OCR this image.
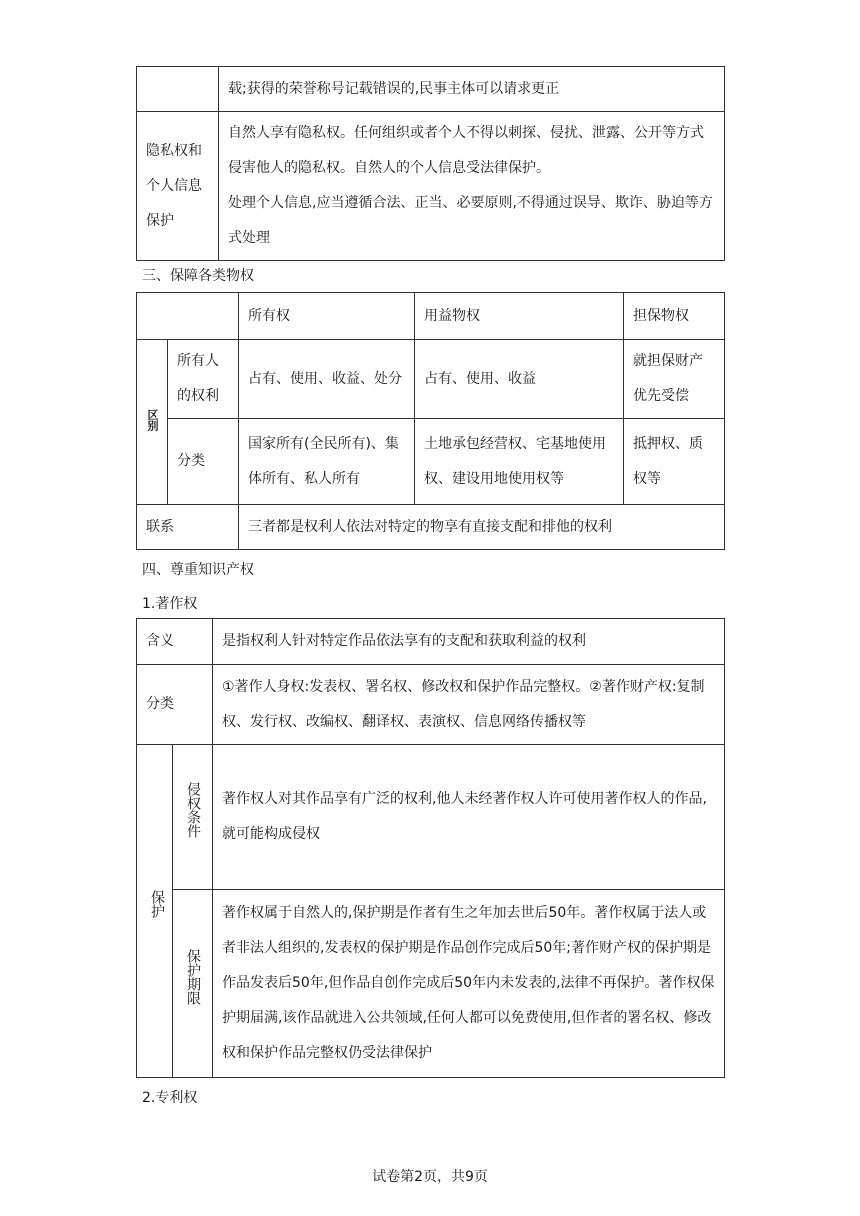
	载;获得的荣誉称号记载错误的,民事主体可以请求更正
隐私权和个人信息保护	自然人享有隐私权。任何组织或者个人不得以刺探、侵扰、泄露、公开等方式侵害他人的隐私权。自然人的个人信息受法律保护。
处理个人信息,应当遵循合法、正当、必要原则,不得通过误导、欺诈、胁迫等方式处理
三、保障各类物权
		所有权	用益物权	担保物权
区别	所有人的权利	占有、使用、收益、处分	占有、使用、收益	就担保财产优先受偿
	分类	国家所有(全民所有)、集体所有、私人所有	土地承包经营权、宅基地使用权、建设用地使用权等	抵押权、质权等
联系		三者都是权利人依法对特定的物享有直接支配和排他的权利		
四、尊重知识产权
1.著作权
含义		是指权利人针对特定作品依法享有的支配和获取利益的权利
分类		①著作人身权:发表权、署名权、修改权和保护作品完整权。②著作财产权:复制权、发行权、改编权、翻译权、表演权、信息网络传播权等
保护	侵权条件	著作权人对其作品享有广泛的权利,他人未经著作权人许可使用著作权人的作品,就可能构成侵权
	保护期限	著作权属于自然人的,保护期是作者有生之年加去世后50年。著作权属于法人或者非法人组织的,发表权的保护期是作品创作完成后50年;著作财产权的保护期是作品发表后50年,但作品自创作完成后50年内未发表的,法律不再保护。著作权保护期届满,该作品就进入公共领域,任何人都可以免费使用,但作者的署名权、修改权和保护作品完整权仍受法律保护
2.专利权
试卷第2页，共9页
